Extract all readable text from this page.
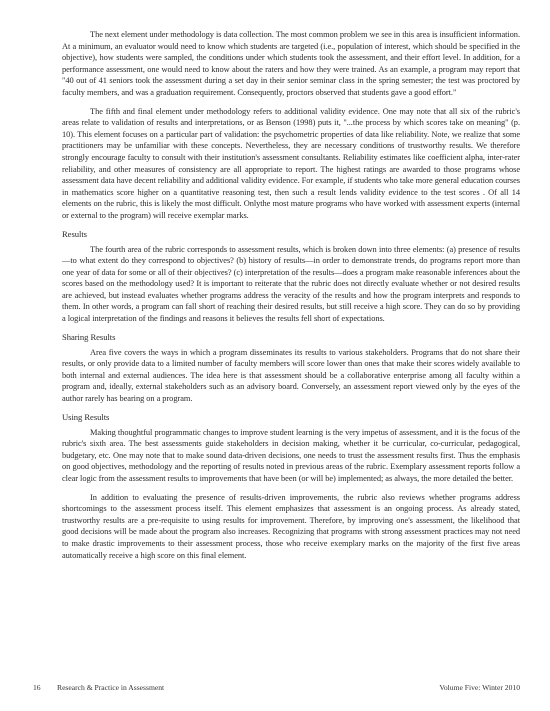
The next element under methodology is data collection. The most common problem we see in this area is insufficient information. At a minimum, an evaluator would need to know which students are targeted (i.e., population of interest, which should be specified in the objective), how students were sampled, the conditions under which students took the assessment, and their effort level. In addition, for a performance assessment, one would need to know about the raters and how they were trained. As an example, a program may report that "40 out of 41 seniors took the assessment during a set day in their senior seminar class in the spring semester; the test was proctored by faculty members, and was a graduation requirement. Consequently, proctors observed that students gave a good effort."

The fifth and final element under methodology refers to additional validity evidence. One may note that all six of the rubric's areas relate to validation of results and interpretations, or as Benson (1998) puts it, "...the process by which scores take on meaning" (p. 10). This element focuses on a particular part of validation: the psychometric properties of data like reliability. Note, we realize that some practitioners may be unfamiliar with these concepts. Nevertheless, they are necessary conditions of trustworthy results. We therefore strongly encourage faculty to consult with their institution's assessment consultants. Reliability estimates like coefficient alpha, inter-rater reliability, and other measures of consistency are all appropriate to report. The highest ratings are awarded to those programs whose assessment data have decent reliability and additional validity evidence. For example, if students who take more general education courses in mathematics score higher on a quantitative reasoning test, then such a result lends validity evidence to the test scores . Of all 14 elements on the rubric, this is likely the most difficult. Onlythe most mature programs who have worked with assessment experts (internal or external to the program) will receive exemplar marks.

Results

The fourth area of the rubric corresponds to assessment results, which is broken down into three elements: (a) presence of results—to what extent do they correspond to objectives? (b) history of results—in order to demonstrate trends, do programs report more than one year of data for some or all of their objectives? (c) interpretation of the results—does a program make reasonable inferences about the scores based on the methodology used? It is important to reiterate that the rubric does not directly evaluate whether or not desired results are achieved, but instead evaluates whether programs address the veracity of the results and how the program interprets and responds to them. In other words, a program can fall short of reaching their desired results, but still receive a high score. They can do so by providing a logical interpretation of the findings and reasons it believes the results fell short of expectations.

Sharing Results

Area five covers the ways in which a program disseminates its results to various stakeholders. Programs that do not share their results, or only provide data to a limited number of faculty members will score lower than ones that make their scores widely available to both internal and external audiences. The idea here is that assessment should be a collaborative enterprise among all faculty within a program and, ideally, external stakeholders such as an advisory board. Conversely, an assessment report viewed only by the eyes of the author rarely has bearing on a program.

Using Results

Making thoughtful programmatic changes to improve student learning is the very impetus of assessment, and it is the focus of the rubric's sixth area. The best assessments guide stakeholders in decision making, whether it be curricular, co-curricular, pedagogical, budgetary, etc. One may note that to make sound data-driven decisions, one needs to trust the assessment results first. Thus the emphasis on good objectives, methodology and the reporting of results noted in previous areas of the rubric. Exemplary assessment reports follow a clear logic from the assessment results to improvements that have been (or will be) implemented; as always, the more detailed the better.

In addition to evaluating the presence of results-driven improvements, the rubric also reviews whether programs address shortcomings to the assessment process itself. This element emphasizes that assessment is an ongoing process. As already stated, trustworthy results are a pre-requisite to using results for improvement. Therefore, by improving one's assessment, the likelihood that good decisions will be made about the program also increases. Recognizing that programs with strong assessment practices may not need to make drastic improvements to their assessment process, those who receive exemplary marks on the majority of the first five areas automatically receive a high score on this final element.

16 Research & Practice in Assessment	Volume Five: Winter 2010
